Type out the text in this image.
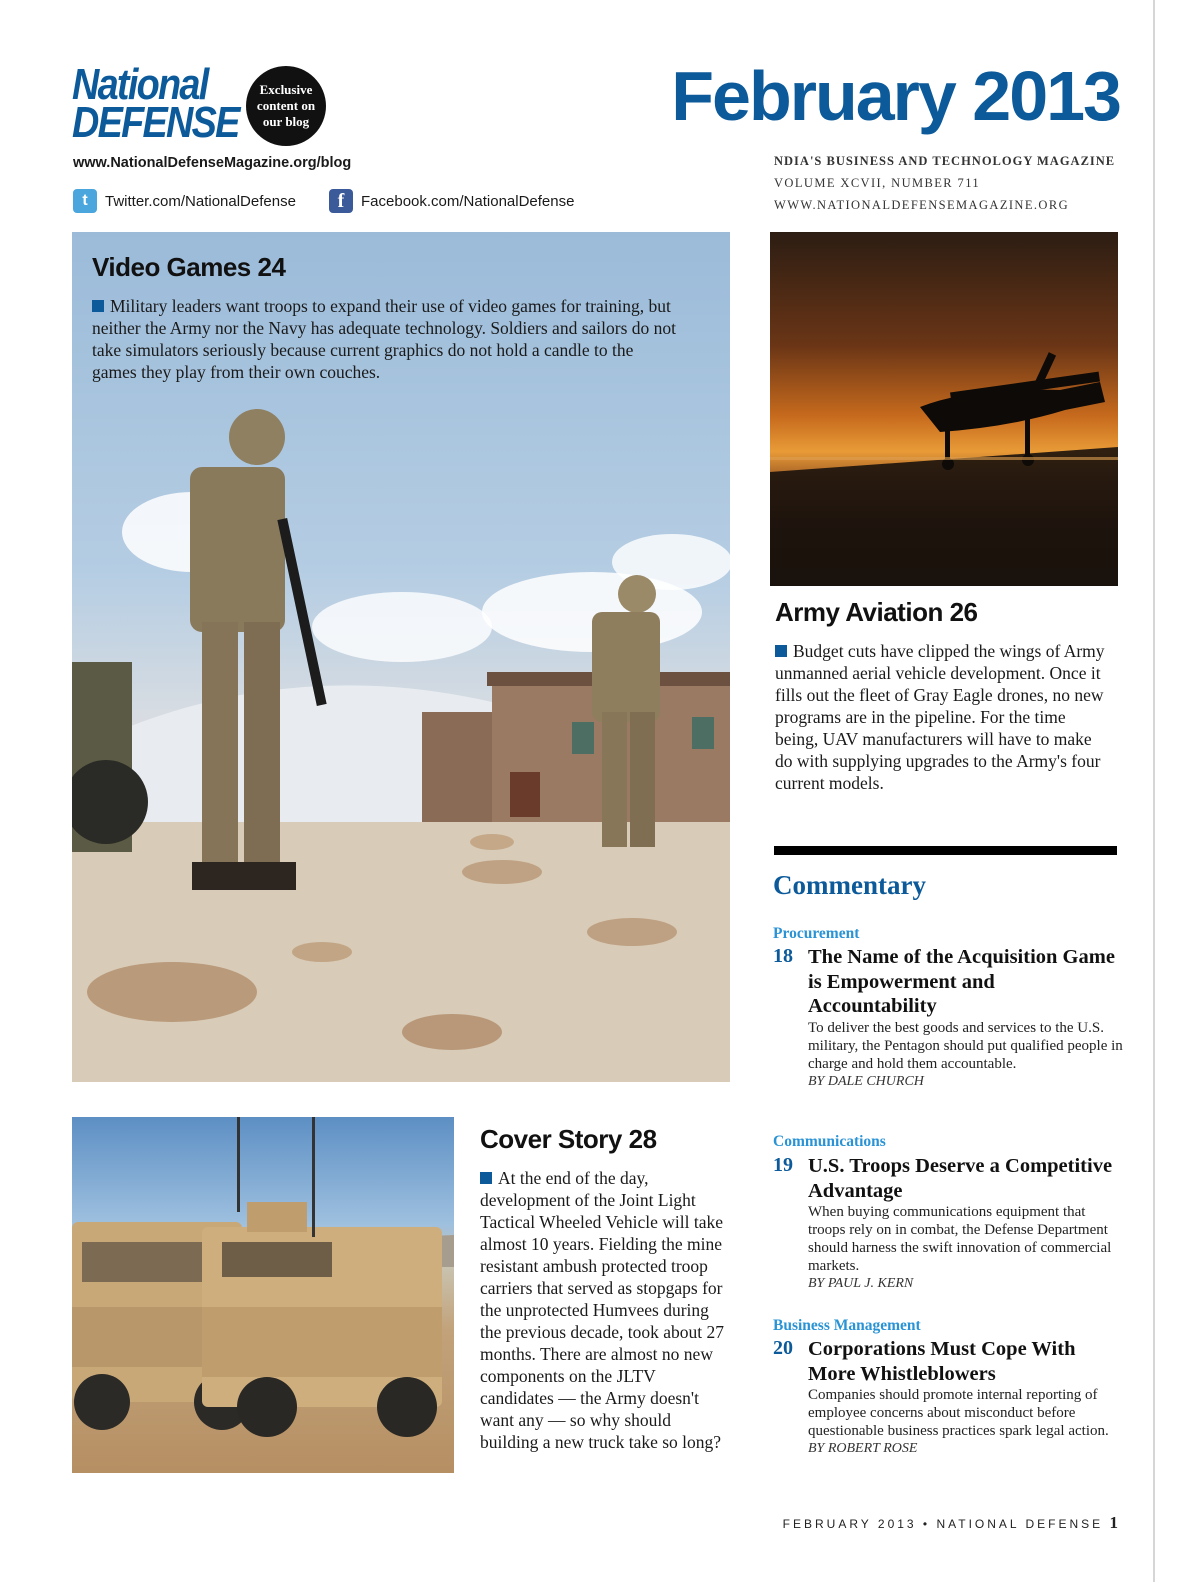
National
DEFENSE
Exclusive
content on
our blog
www.NationalDefenseMagazine.org/blog
t	Twitter.com/NationalDefense	f	Facebook.com/NationalDefense
February 2013
NDIA'S BUSINESS AND TECHNOLOGY MAGAZINE
VOLUME XCVII, NUMBER 711
WWW.NATIONALDEFENSEMAGAZINE.ORG
Video Games 24
Military leaders want troops to expand their use of video games for training, but neither the Army nor the Navy has adequate technology. Soldiers and sailors do not take simulators seriously because current graphics do not hold a candle to the games they play from their own couches.
Army Aviation 26
Budget cuts have clipped the wings of Army unmanned aerial vehicle development. Once it fills out the fleet of Gray Eagle drones, no new programs are in the pipeline. For the time being, UAV manufacturers will have to make do with supplying upgrades to the Army's four current models.
Commentary
Procurement
18 The Name of the Acquisition Game is Empowerment and Accountability
To deliver the best goods and services to the U.S. military, the Pentagon should put qualified people in charge and hold them accountable.
BY DALE CHURCH
Communications
19 U.S. Troops Deserve a Competitive Advantage
When buying communications equipment that troops rely on in combat, the Defense Department should harness the swift innovation of commercial markets.
BY PAUL J. KERN
Business Management
20 Corporations Must Cope With More Whistleblowers
Companies should promote internal reporting of employee concerns about misconduct before questionable business practices spark legal action.
BY ROBERT ROSE
Cover Story 28
At the end of the day, development of the Joint Light Tactical Wheeled Vehicle will take almost 10 years. Fielding the mine resistant ambush protected troop carriers that served as stopgaps for the unprotected Humvees during the previous decade, took about 27 months. There are almost no new components on the JLTV candidates — the Army doesn't want any — so why should building a new truck take so long?
FEBRUARY 2013 • NATIONAL DEFENSE 1
